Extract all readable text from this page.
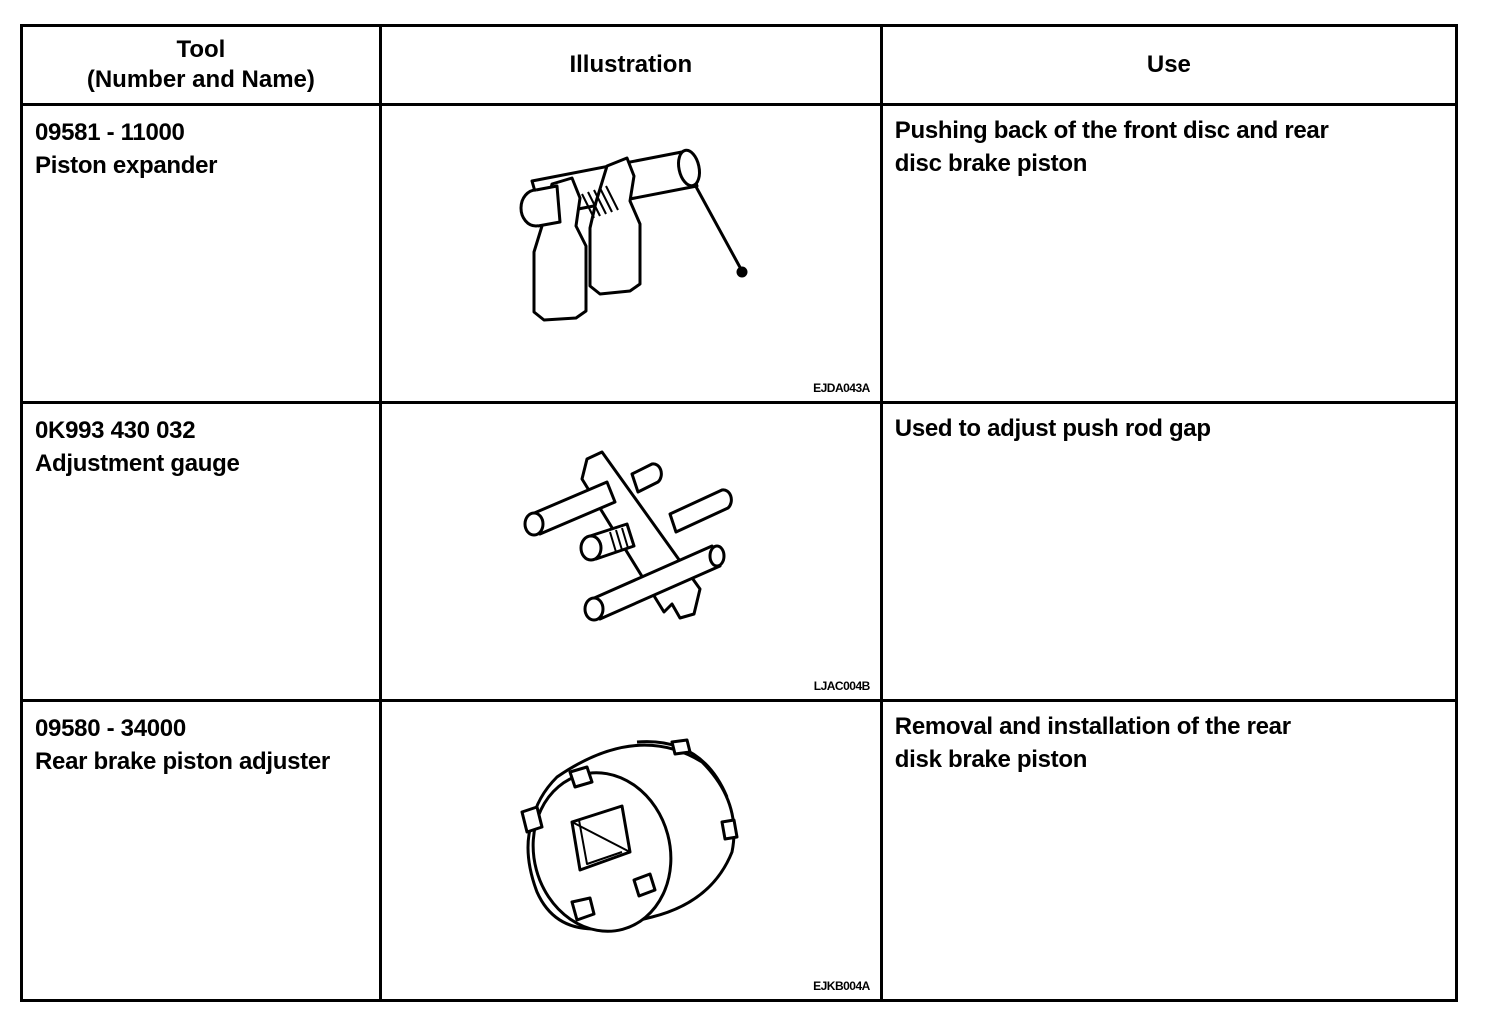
Tool
(Number and Name)	Illustration	Use

09581 - 11000
Piston expander	EJDA043A	Pushing back of the front disc and rear disc brake piston

0K993 430 032
Adjustment gauge	LJAC004B	Used to adjust push rod gap

09580 - 34000
Rear brake piston adjuster	EJKB004A	Removal and installation of the rear disk brake piston
